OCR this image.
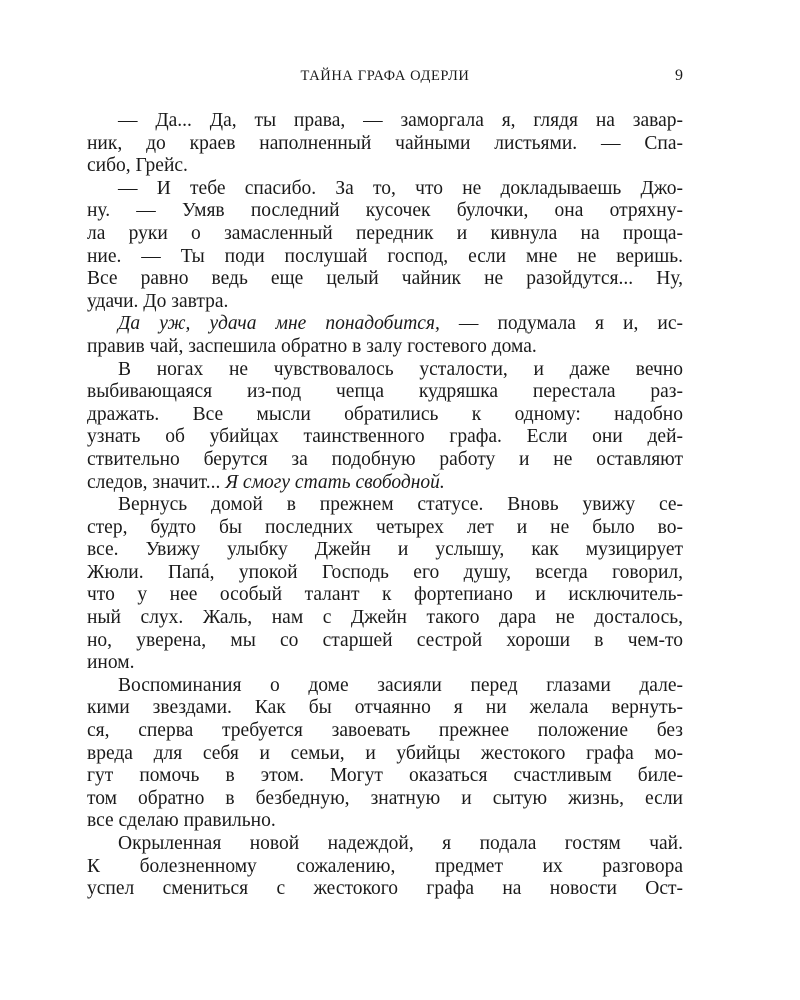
ТАЙНА ГРАФА ОДЕРЛИ	9
— Да... Да, ты права, — заморгала я, глядя на завар-
ник, до краев наполненный чайными листьями. — Спа-
сибо, Грейс.
— И тебе спасибо. За то, что не докладываешь Джо-
ну. — Умяв последний кусочек булочки, она отряхну-
ла руки о замасленный передник и кивнула на проща-
ние. — Ты поди послушай господ, если мне не веришь.
Все равно ведь еще целый чайник не разойдутся... Ну,
удачи. До завтра.
Да уж, удача мне понадобится, — подумала я и, ис-
правив чай, заспешила обратно в залу гостевого дома.
В ногах не чувствовалось усталости, и даже вечно
выбивающаяся из-под чепца кудряшка перестала раз-
дражать. Все мысли обратились к одному: надобно
узнать об убийцах таинственного графа. Если они дей-
ствительно берутся за подобную работу и не оставляют
следов, значит... Я смогу стать свободной.
Вернусь домой в прежнем статусе. Вновь увижу се-
стер, будто бы последних четырех лет и не было во-
все. Увижу улыбку Джейн и услышу, как музицирует
Жюли. Папá, упокой Господь его душу, всегда говорил,
что у нее особый талант к фортепиано и исключитель-
ный слух. Жаль, нам с Джейн такого дара не досталось,
но, уверена, мы со старшей сестрой хороши в чем-то
ином.
Воспоминания о доме засияли перед глазами дале-
кими звездами. Как бы отчаянно я ни желала вернуть-
ся, сперва требуется завоевать прежнее положение без
вреда для себя и семьи, и убийцы жестокого графа мо-
гут помочь в этом. Могут оказаться счастливым биле-
том обратно в безбедную, знатную и сытую жизнь, если
все сделаю правильно.
Окрыленная новой надеждой, я подала гостям чай.
К болезненному сожалению, предмет их разговора
успел смениться с жестокого графа на новости Ост-
